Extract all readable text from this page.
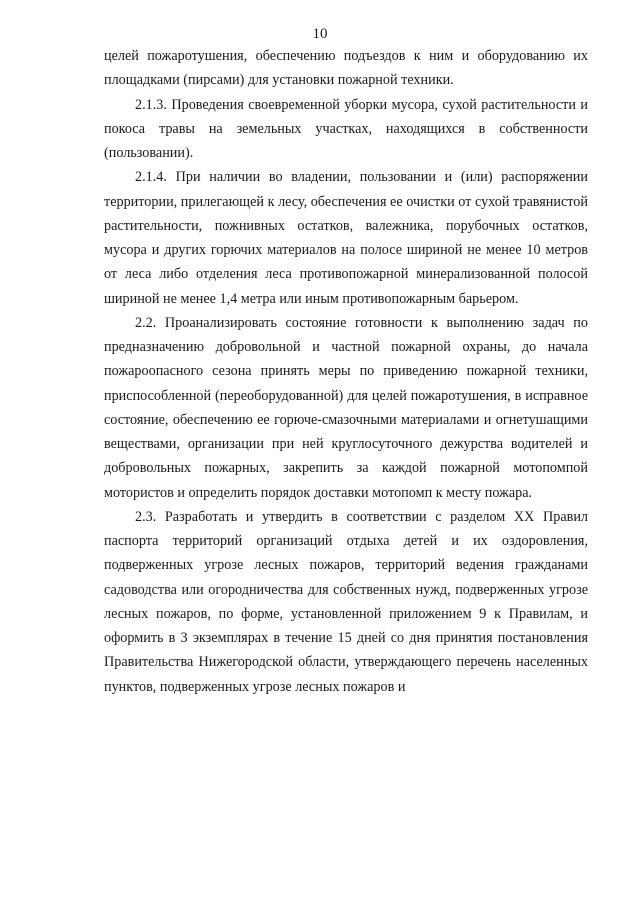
10

целей пожаротушения, обеспечению подъездов к ним и оборудованию их площадками (пирсами) для установки пожарной техники.

2.1.3. Проведения своевременной уборки мусора, сухой растительности и покоса травы на земельных участках, находящихся в собственности (пользовании).

2.1.4. При наличии во владении, пользовании и (или) распоряжении территории, прилегающей к лесу, обеспечения ее очистки от сухой травянистой растительности, пожнивных остатков, валежника, порубочных остатков, мусора и других горючих материалов на полосе шириной не менее 10 метров от леса либо отделения леса противопожарной минерализованной полосой шириной не менее 1,4 метра или иным противопожарным барьером.

2.2. Проанализировать состояние готовности к выполнению задач по предназначению добровольной и частной пожарной охраны, до начала пожароопасного сезона принять меры по приведению пожарной техники, приспособленной (переоборудованной) для целей пожаротушения, в исправное состояние, обеспечению ее горюче-смазочными материалами и огнетушащими веществами, организации при ней круглосуточного дежурства водителей и добровольных пожарных, закрепить за каждой пожарной мотопомпой мотористов и определить порядок доставки мотопомп к месту пожара.

2.3. Разработать и утвердить в соответствии с разделом XX Правил паспорта территорий организаций отдыха детей и их оздоровления, подверженных угрозе лесных пожаров, территорий ведения гражданами садоводства или огородничества для собственных нужд, подверженных угрозе лесных пожаров, по форме, установленной приложением 9 к Правилам, и оформить в 3 экземплярах в течение 15 дней со дня принятия постановления Правительства Нижегородской области, утверждающего перечень населенных пунктов, подверженных угрозе лесных пожаров и
